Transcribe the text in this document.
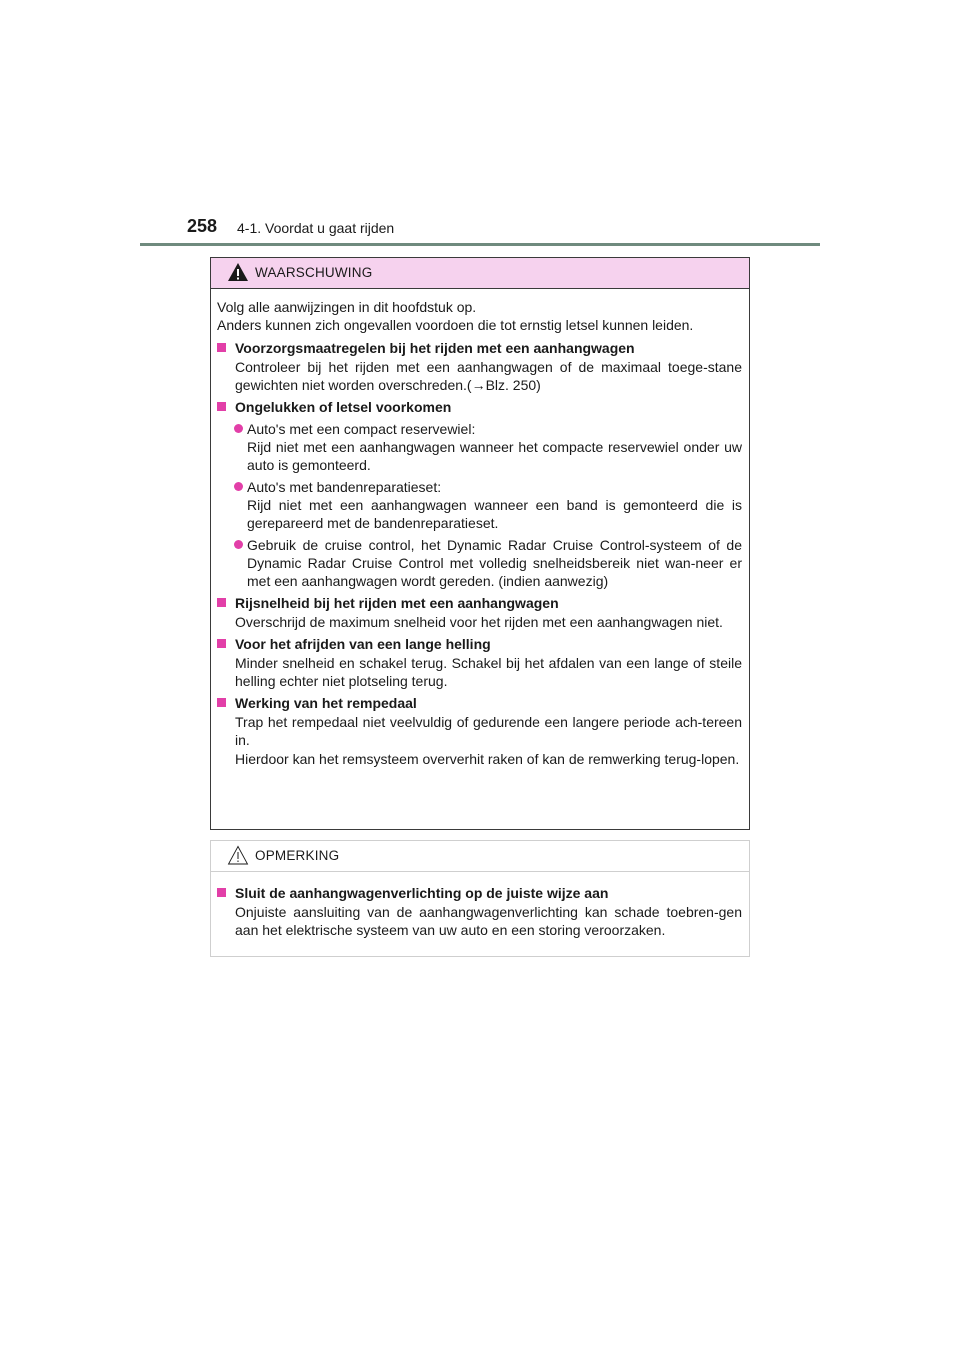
258 4-1. Voordat u gaat rijden
WAARSCHUWING
Volg alle aanwijzingen in dit hoofdstuk op.
Anders kunnen zich ongevallen voordoen die tot ernstig letsel kunnen leiden.
Voorzorgsmaatregelen bij het rijden met een aanhangwagen
Controleer bij het rijden met een aanhangwagen of de maximaal toege-stane gewichten niet worden overschreden.(→Blz. 250)
Ongelukken of letsel voorkomen
Auto's met een compact reservewiel:
Rijd niet met een aanhangwagen wanneer het compacte reservewiel onder uw auto is gemonteerd.
Auto's met bandenreparatieset:
Rijd niet met een aanhangwagen wanneer een band is gemonteerd die is gerepareerd met de bandenreparatieset.
Gebruik de cruise control, het Dynamic Radar Cruise Control-systeem of de Dynamic Radar Cruise Control met volledig snelheidsbereik niet wan-neer er met een aanhangwagen wordt gereden. (indien aanwezig)
Rijsnelheid bij het rijden met een aanhangwagen
Overschrijd de maximum snelheid voor het rijden met een aanhangwagen niet.
Voor het afrijden van een lange helling
Minder snelheid en schakel terug. Schakel bij het afdalen van een lange of steile helling echter niet plotseling terug.
Werking van het rempedaal
Trap het rempedaal niet veelvuldig of gedurende een langere periode ach-tereen in.
Hierdoor kan het remsysteem oververhit raken of kan de remwerking terug-lopen.
OPMERKING
Sluit de aanhangwagenverlichting op de juiste wijze aan
Onjuiste aansluiting van de aanhangwagenverlichting kan schade toebren-gen aan het elektrische systeem van uw auto en een storing veroorzaken.
